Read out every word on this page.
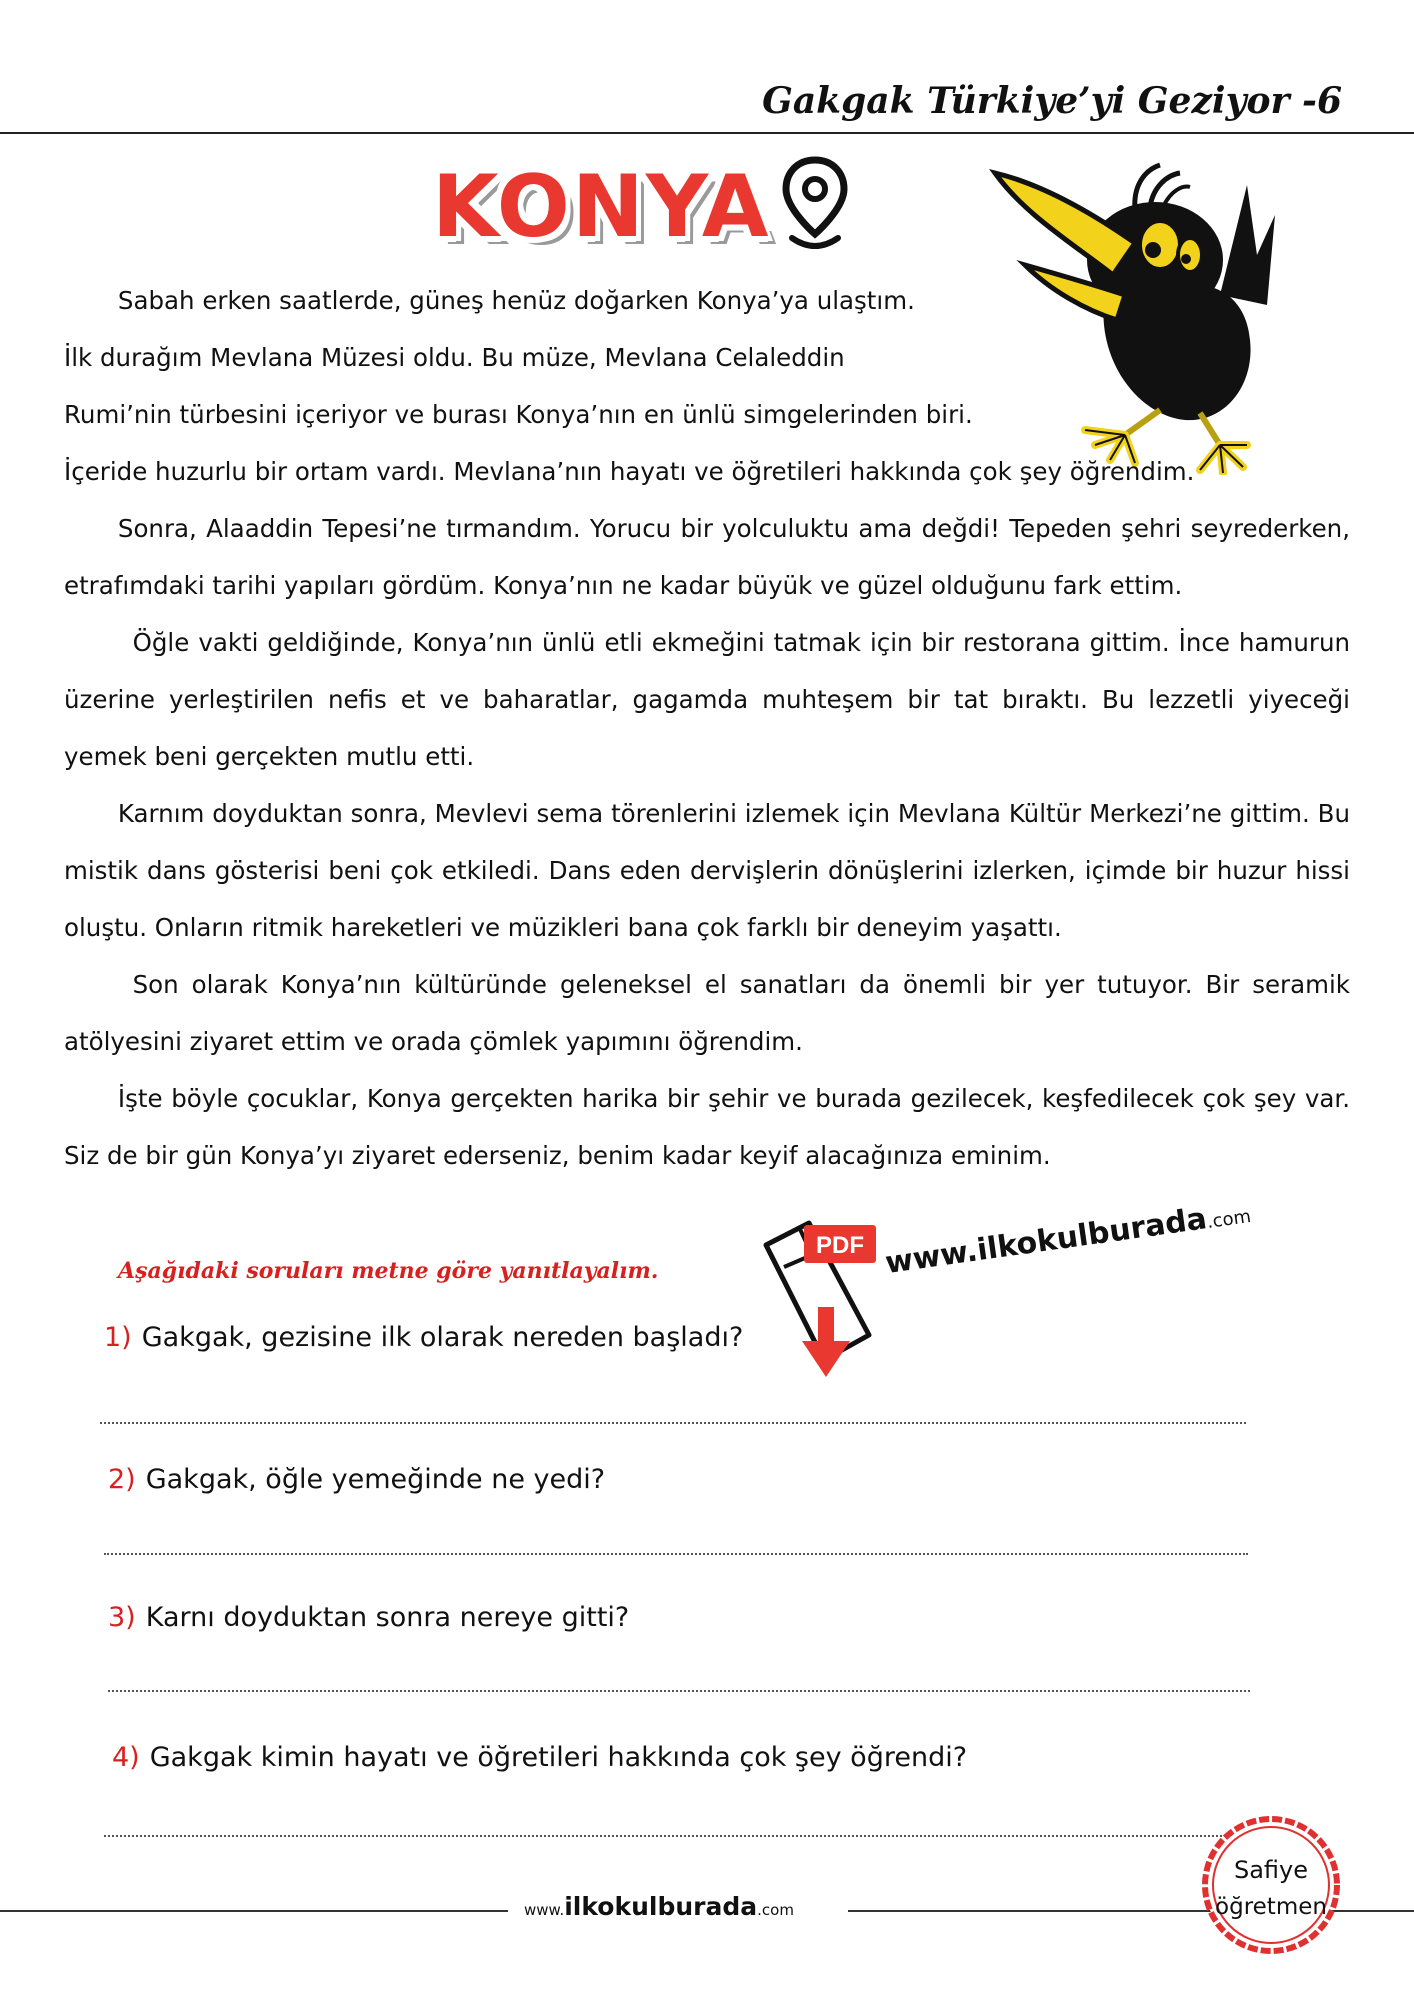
Gakgak Türkiye’yi Geziyor -6
KONYA

Sabah erken saatlerde, güneş henüz doğarken Konya’ya ulaştım.

İlk durağım Mevlana Müzesi oldu. Bu müze, Mevlana Celaleddin

Rumi’nin türbesini içeriyor ve burası Konya’nın en ünlü simgelerinden biri.

İçeride huzurlu bir ortam vardı. Mevlana’nın hayatı ve öğretileri hakkında çok şey öğrendim.

Sonra, Alaaddin Tepesi’ne tırmandım. Yorucu bir yolculuktu ama değdi! Tepeden şehri seyrederken, etrafımdaki tarihi yapıları gördüm. Konya’nın ne kadar büyük ve güzel olduğunu fark ettim.

Öğle vakti geldiğinde, Konya’nın ünlü etli ekmeğini tatmak için bir restorana gittim. İnce hamurun üzerine yerleştirilen nefis et ve baharatlar, gagamda muhteşem bir tat bıraktı. Bu lezzetli yiyeceği yemek beni gerçekten mutlu etti.

Karnım doyduktan sonra, Mevlevi sema törenlerini izlemek için Mevlana Kültür Merkezi’ne gittim. Bu mistik dans gösterisi beni çok etkiledi. Dans eden dervişlerin dönüşlerini izlerken, içimde bir huzur hissi oluştu. Onların ritmik hareketleri ve müzikleri bana çok farklı bir deneyim yaşattı.

Son olarak Konya’nın kültüründe geleneksel el sanatları da önemli bir yer tutuyor. Bir seramik atölyesini ziyaret ettim ve orada çömlek yapımını öğrendim.

İşte böyle çocuklar, Konya gerçekten harika bir şehir ve burada gezilecek, keşfedilecek çok şey var. Siz de bir gün Konya’yı ziyaret ederseniz, benim kadar keyif alacağınıza eminim.

Aşağıdaki soruları metne göre yanıtlayalım.
PDF www.ilkokulburada.com
1) Gakgak, gezisine ilk olarak nereden başladı?
2) Gakgak, öğle yemeğinde ne yedi?
3) Karnı doyduktan sonra nereye gitti?
4) Gakgak kimin hayatı ve öğretileri hakkında çok şey öğrendi?
www.ilkokulburada.com
Safiye
öğretmen
